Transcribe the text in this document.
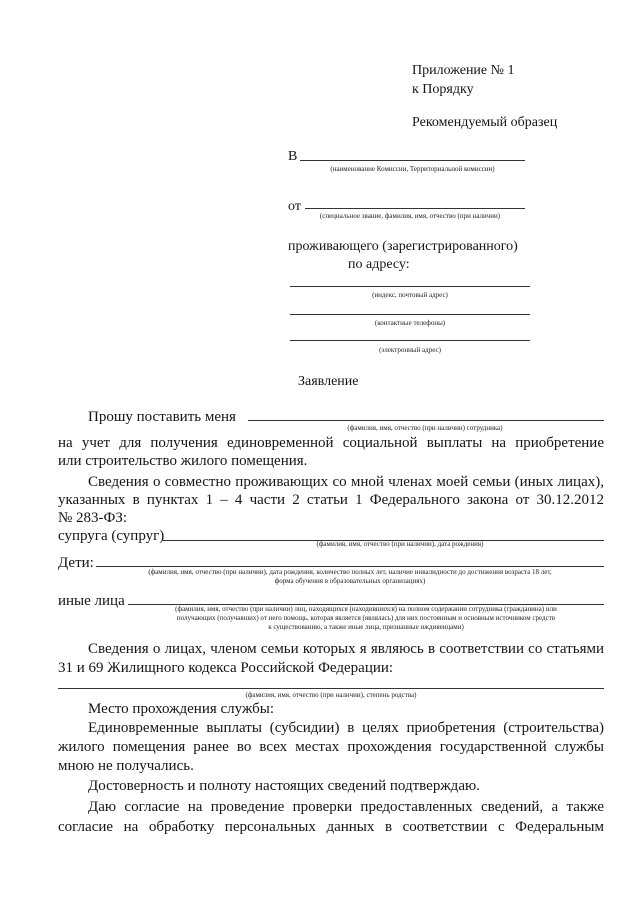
Приложение № 1
к Порядку
Рекомендуемый образец
В
(наименование Комиссии, Территориальной комиссии)
от
(специальное звание, фамилия, имя, отчество (при наличии)
проживающего (зарегистрированного)
по адресу:
(индекс, почтовый адрес)
(контактные телефоны)
(электронный адрес)
Заявление
Прошу поставить меня
(фамилия, имя, отчество (при наличии) сотрудника)
на учет для получения единовременной социальной выплаты на приобретение
или строительство жилого помещения.
Сведения о совместно проживающих со мной членах моей семьи (иных лицах),
указанных в пунктах 1 – 4 части 2 статьи 1 Федерального закона от 30.12.2012
№ 283-ФЗ:
супруга (супруг)	(фамилия, имя, отчество (при наличии), дата рождения)
Дети:
(фамилия, имя, отчество (при наличии), дата рождения, количество полных лет, наличие инвалидности до достижения возраста 18 лет,
форма обучения в образовательных организациях)
иные лица	(фамилия, имя, отчество (при наличии) лиц, находящихся (находившихся) на полном содержании сотрудника (гражданина) или
получающих (получавших) от него помощь, которая является (являлась) для них постоянным и основным источником средств
к существованию, а также иные лица, признанные иждивенцами)
Сведения о лицах, членом семьи которых я являюсь в соответствии со статьями
31 и 69 Жилищного кодекса Российской Федерации:
(фамилия, имя, отчество (при наличии), степень родства)
Место прохождения службы:
Единовременные выплаты (субсидии) в целях приобретения (строительства)
жилого помещения ранее во всех местах прохождения государственной службы
мною не получались.
Достоверность и полноту настоящих сведений подтверждаю.
Даю согласие на проведение проверки предоставленных сведений, а также
согласие на обработку персональных данных в соответствии с Федеральным
